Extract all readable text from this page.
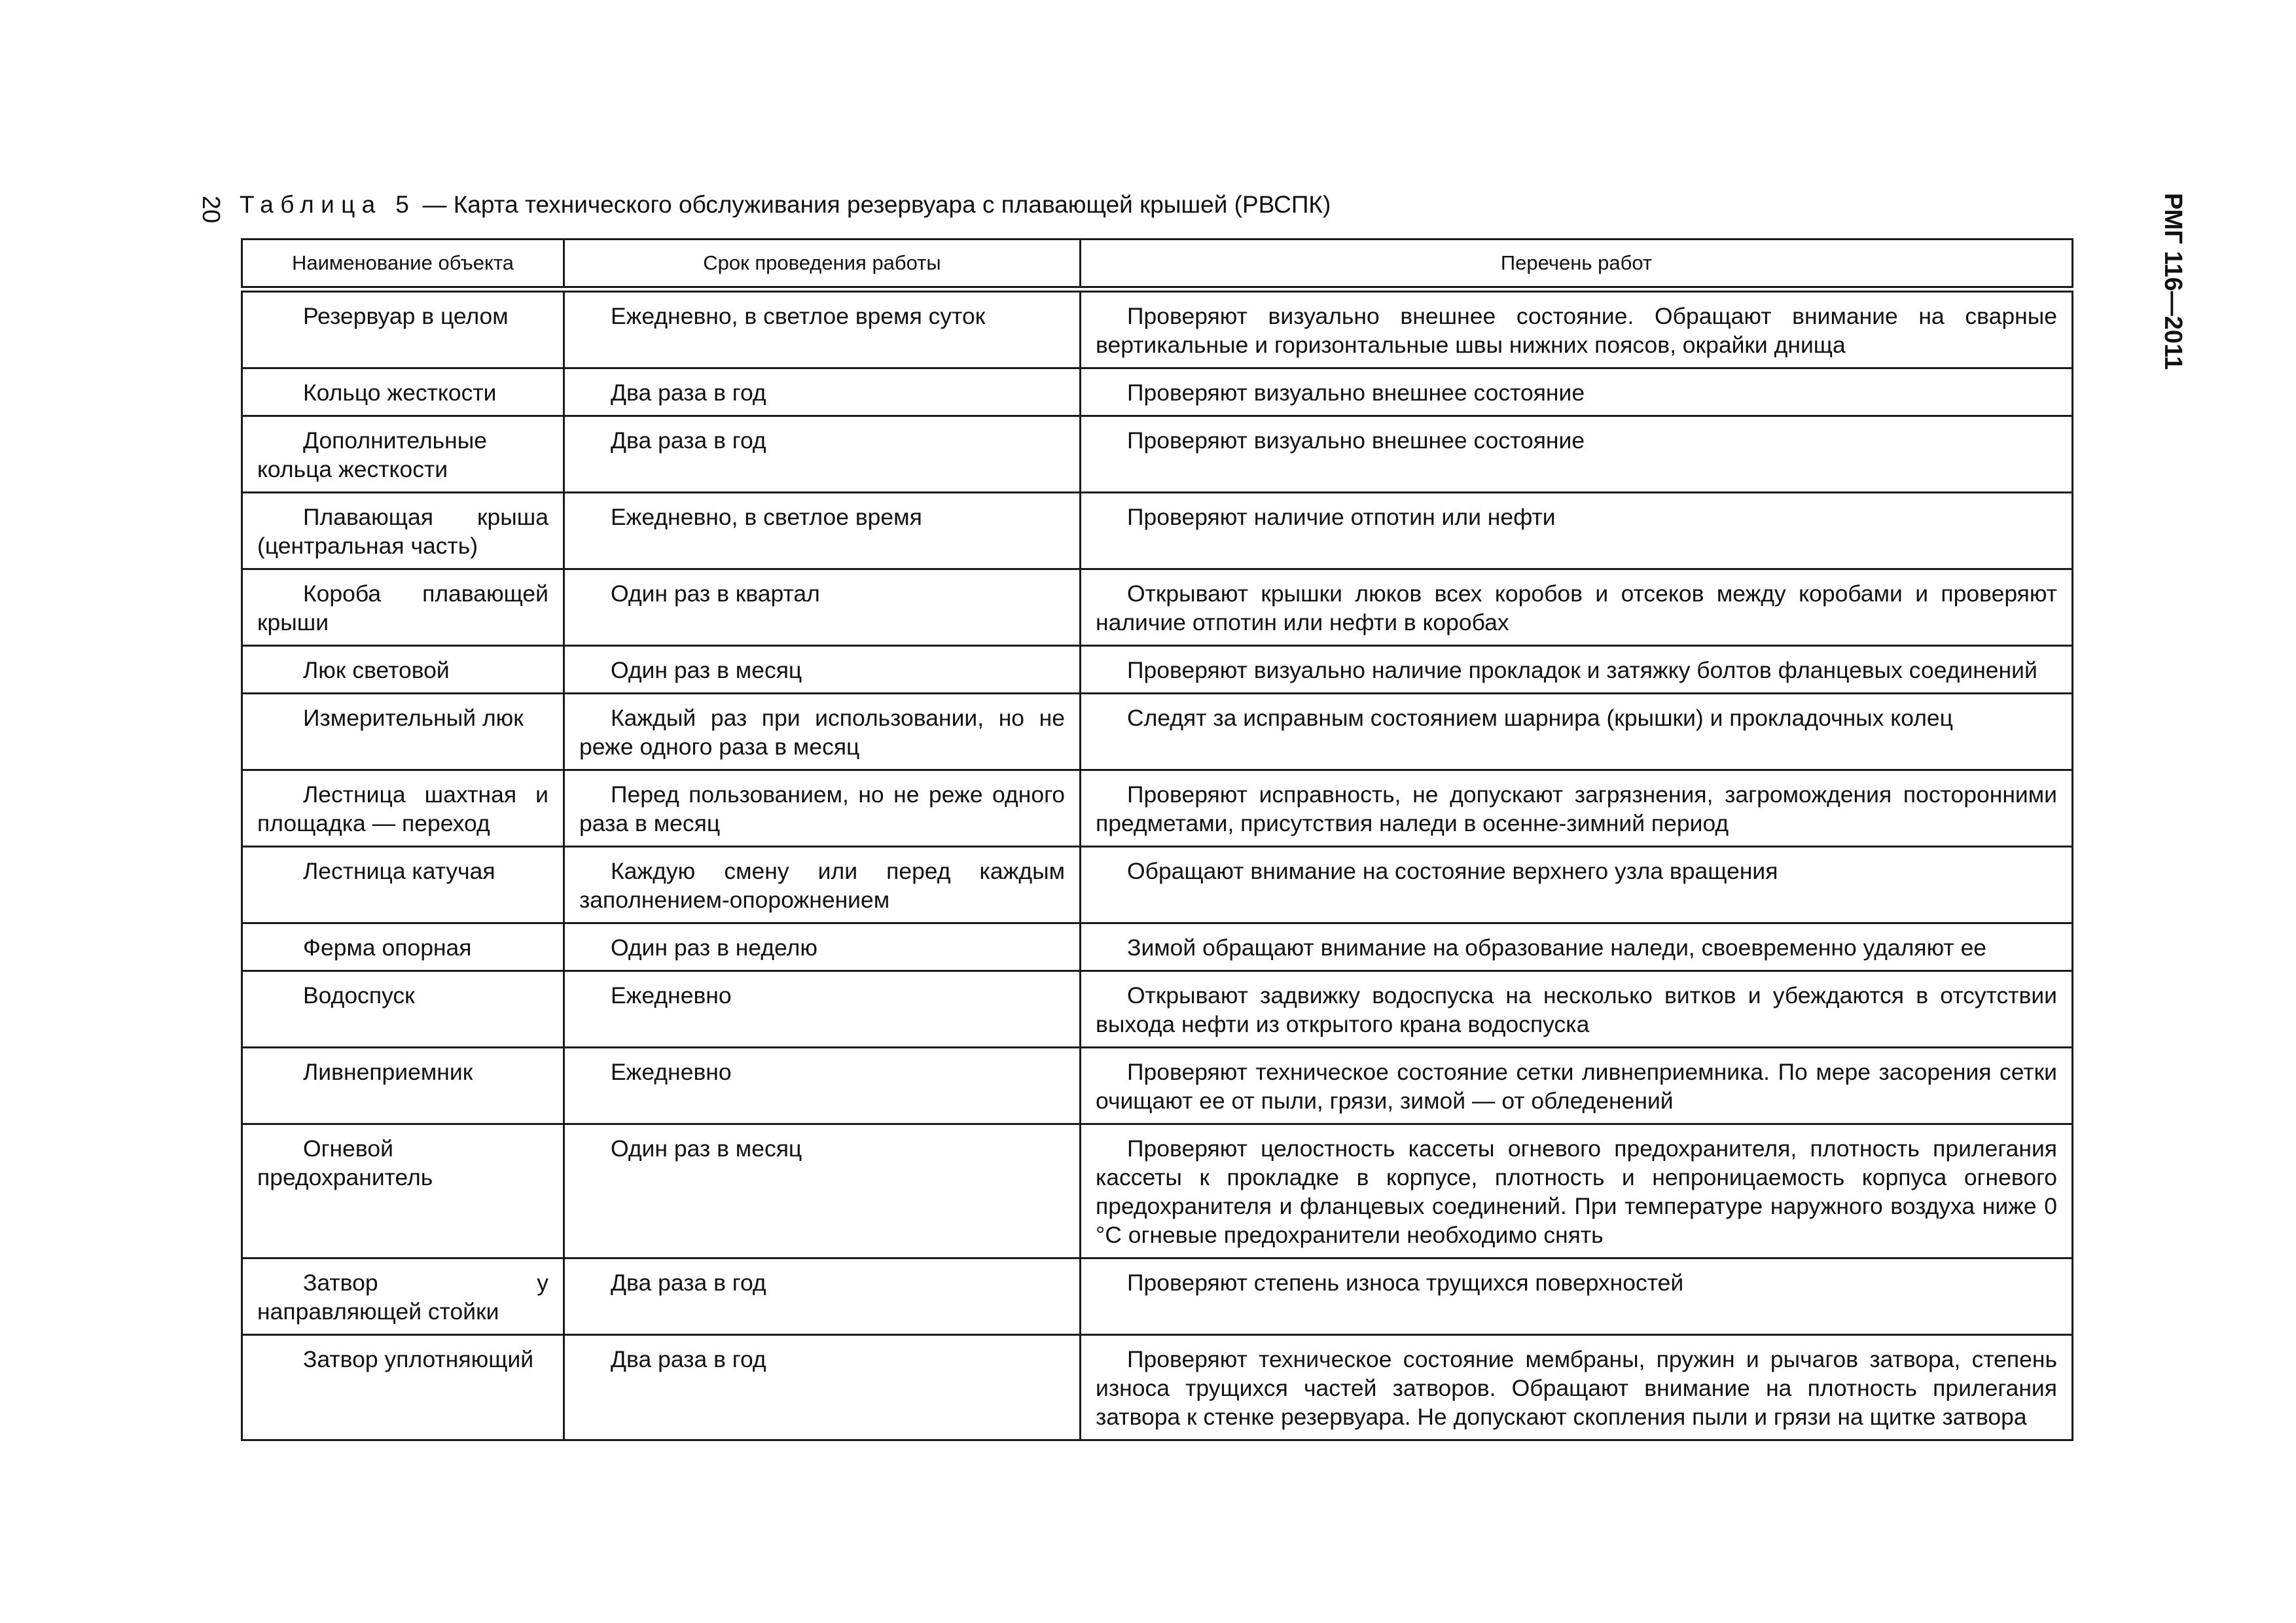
20	РМГ 116—2011
Таблица 5 — Карта технического обслуживания резервуара с плавающей крышей (РВСПК)
Наименование объекта	Срок проведения работы	Перечень работ
Резервуар в целом	Ежедневно, в светлое время суток	Проверяют визуально внешнее состояние. Обращают внимание на сварные вертикальные и горизонтальные швы нижних поясов, окрайки днища
Кольцо жесткости	Два раза в год	Проверяют визуально внешнее состояние
Дополнительные кольца жесткости	Два раза в год	Проверяют визуально внешнее состояние
Плавающая крыша (центральная часть)	Ежедневно, в светлое время	Проверяют наличие отпотин или нефти
Короба плавающей крыши	Один раз в квартал	Открывают крышки люков всех коробов и отсеков между коробами и проверяют наличие отпотин или нефти в коробах
Люк световой	Один раз в месяц	Проверяют визуально наличие прокладок и затяжку болтов фланцевых соединений
Измерительный люк	Каждый раз при использовании, но не реже одного раза в месяц	Следят за исправным состоянием шарнира (крышки) и прокладочных колец
Лестница шахтная и площадка — переход	Перед пользованием, но не реже одного раза в месяц	Проверяют исправность, не допускают загрязнения, загромождения посторонними предметами, присутствия наледи в осенне-зимний период
Лестница катучая	Каждую смену или перед каждым заполнением-опорожнением	Обращают внимание на состояние верхнего узла вращения
Ферма опорная	Один раз в неделю	Зимой обращают внимание на образование наледи, своевременно удаляют ее
Водоспуск	Ежедневно	Открывают задвижку водоспуска на несколько витков и убеждаются в отсутствии выхода нефти из открытого крана водоспуска
Ливнеприемник	Ежедневно	Проверяют техническое состояние сетки ливнеприемника. По мере засорения сетки очищают ее от пыли, грязи, зимой — от обледенений
Огневой предохранитель	Один раз в месяц	Проверяют целостность кассеты огневого предохранителя, плотность прилегания кассеты к прокладке в корпусе, плотность и непроницаемость корпуса огневого предохранителя и фланцевых соединений. При температуре наружного воздуха ниже 0 °С огневые предохранители необходимо снять
Затвор у направляющей стойки	Два раза в год	Проверяют степень износа трущихся поверхностей
Затвор уплотняющий	Два раза в год	Проверяют техническое состояние мембраны, пружин и рычагов затвора, степень износа трущихся частей затворов. Обращают внимание на плотность прилегания затвора к стенке резервуара. Не допускают скопления пыли и грязи на щитке затвора
